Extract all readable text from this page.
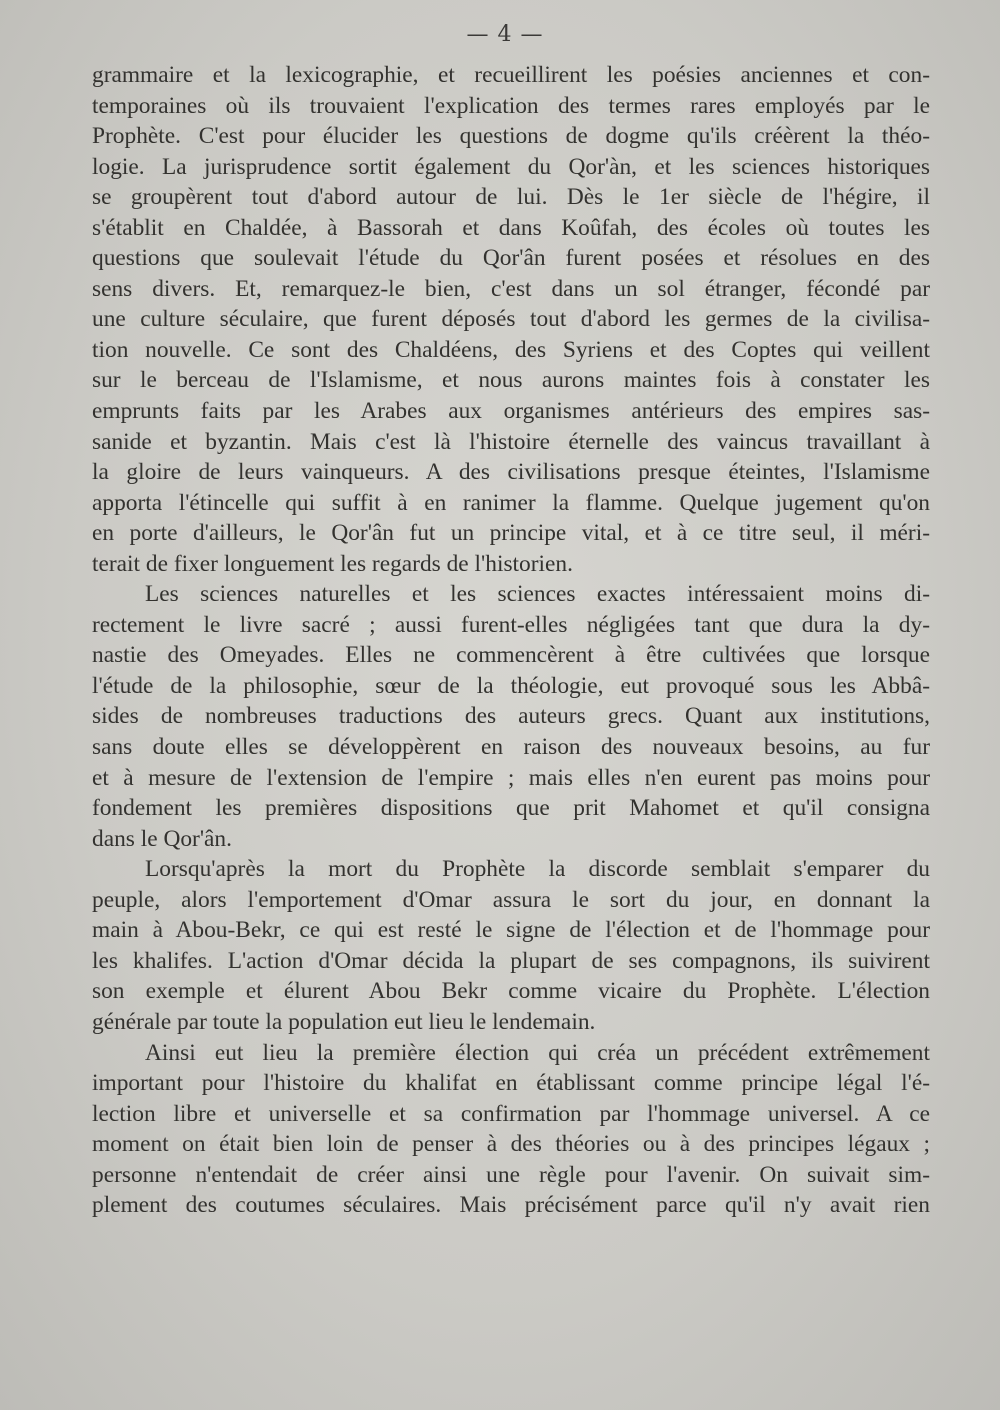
— 4 —
grammaire et la lexicographie, et recueillirent les poésies anciennes et con-
temporaines où ils trouvaient l'explication des termes rares employés par le
Prophète. C'est pour élucider les questions de dogme qu'ils créèrent la théo-
logie. La jurisprudence sortit également du Qor'àn, et les sciences historiques
se groupèrent tout d'abord autour de lui. Dès le 1er siècle de l'hégire, il
s'établit en Chaldée, à Bassorah et dans Koûfah, des écoles où toutes les
questions que soulevait l'étude du Qor'ân furent posées et résolues en des
sens divers. Et, remarquez-le bien, c'est dans un sol étranger, fécondé par
une culture séculaire, que furent déposés tout d'abord les germes de la civilisa-
tion nouvelle. Ce sont des Chaldéens, des Syriens et des Coptes qui veillent
sur le berceau de l'Islamisme, et nous aurons maintes fois à constater les
emprunts faits par les Arabes aux organismes antérieurs des empires sas-
sanide et byzantin. Mais c'est là l'histoire éternelle des vaincus travaillant à
la gloire de leurs vainqueurs. A des civilisations presque éteintes, l'Islamisme
apporta l'étincelle qui suffit à en ranimer la flamme. Quelque jugement qu'on
en porte d'ailleurs, le Qor'ân fut un principe vital, et à ce titre seul, il méri-
terait de fixer longuement les regards de l'historien.
Les sciences naturelles et les sciences exactes intéressaient moins di-
rectement le livre sacré ; aussi furent-elles négligées tant que dura la dy-
nastie des Omeyades. Elles ne commencèrent à être cultivées que lorsque
l'étude de la philosophie, sœur de la théologie, eut provoqué sous les Abbâ-
sides de nombreuses traductions des auteurs grecs. Quant aux institutions,
sans doute elles se développèrent en raison des nouveaux besoins, au fur
et à mesure de l'extension de l'empire ; mais elles n'en eurent pas moins pour
fondement les premières dispositions que prit Mahomet et qu'il consigna
dans le Qor'ân.
Lorsqu'après la mort du Prophète la discorde semblait s'emparer du
peuple, alors l'emportement d'Omar assura le sort du jour, en donnant la
main à Abou-Bekr, ce qui est resté le signe de l'élection et de l'hommage pour
les khalifes. L'action d'Omar décida la plupart de ses compagnons, ils suivirent
son exemple et élurent Abou Bekr comme vicaire du Prophète. L'élection
générale par toute la population eut lieu le lendemain.
Ainsi eut lieu la première élection qui créa un précédent extrêmement
important pour l'histoire du khalifat en établissant comme principe légal l'é-
lection libre et universelle et sa confirmation par l'hommage universel. A ce
moment on était bien loin de penser à des théories ou à des principes légaux ;
personne n'entendait de créer ainsi une règle pour l'avenir. On suivait sim-
plement des coutumes séculaires. Mais précisément parce qu'il n'y avait rien
